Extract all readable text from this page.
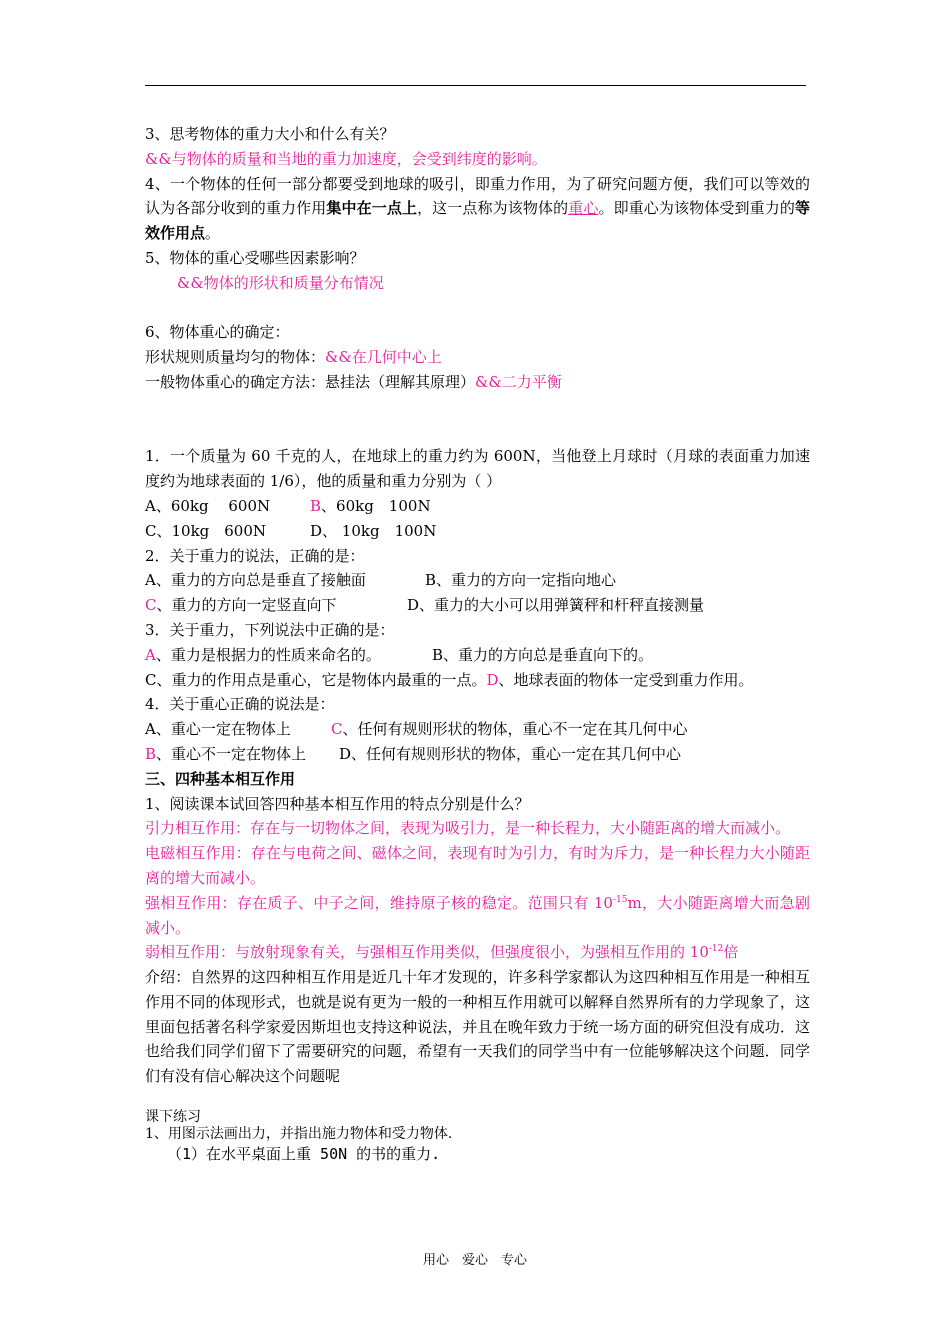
3、思考物体的重力大小和什么有关？

&&与物体的质量和当地的重力加速度，会受到纬度的影响。

4、一个物体的任何一部分都要受到地球的吸引，即重力作用，为了研究问题方便，我们可以等效的认为各部分收到的重力作用集中在一点上，这一点称为该物体的重心。即重心为该物体受到重力的等效作用点。

5、物体的重心受哪些因素影响？

&&物体的形状和质量分布情况

6、物体重心的确定：

形状规则质量均匀的物体：&&在几何中心上

一般物体重心的确定方法：悬挂法（理解其原理）&&二力平衡

1．一个质量为 60 千克的人，在地球上的重力约为 600N，当他登上月球时（月球的表面重力加速度约为地球表面的 1/6），他的质量和重力分别为（ ）

A、60kg　 600N	B、60kg　100N

C、10kg　600N	D、 10kg　100N

2．关于重力的说法，正确的是：

A、重力的方向总是垂直了接触面	B、重力的方向一定指向地心

C、重力的方向一定竖直向下	D、重力的大小可以用弹簧秤和杆秤直接测量

3．关于重力，下列说法中正确的是：

A、重力是根据力的性质来命名的。	B、重力的方向总是垂直向下的。

C、重力的作用点是重心，它是物体内最重的一点。D、地球表面的物体一定受到重力作用。

4．关于重心正确的说法是：

A、重心一定在物体上	C、任何有规则形状的物体，重心不一定在其几何中心

B、重心不一定在物体上 D、任何有规则形状的物体，重心一定在其几何中心

三、四种基本相互作用

1、阅读课本试回答四种基本相互作用的特点分别是什么？

引力相互作用：存在与一切物体之间，表现为吸引力，是一种长程力，大小随距离的增大而减小。

电磁相互作用：存在与电荷之间、磁体之间，表现有时为引力，有时为斥力，是一种长程力大小随距离的增大而减小。

强相互作用：存在质子、中子之间，维持原子核的稳定。范围只有 $10^{-15}m$，大小随距离增大而急剧减小。

弱相互作用：与放射现象有关，与强相互作用类似，但强度很小，为强相互作用的 $10^{-12}$倍

介绍：自然界的这四种相互作用是近几十年才发现的，许多科学家都认为这四种相互作用是一种相互作用不同的体现形式，也就是说有更为一般的一种相互作用就可以解释自然界所有的力学现象了，这里面包括著名科学家爱因斯坦也支持这种说法，并且在晚年致力于统一场方面的研究但没有成功．这也给我们同学们留下了需要研究的问题，希望有一天我们的同学当中有一位能够解决这个问题．同学们有没有信心解决这个问题呢

课下练习

1、用图示法画出力，并指出施力物体和受力物体.

（1）在水平桌面上重 50N 的书的重力.

用心　爱心　专心
